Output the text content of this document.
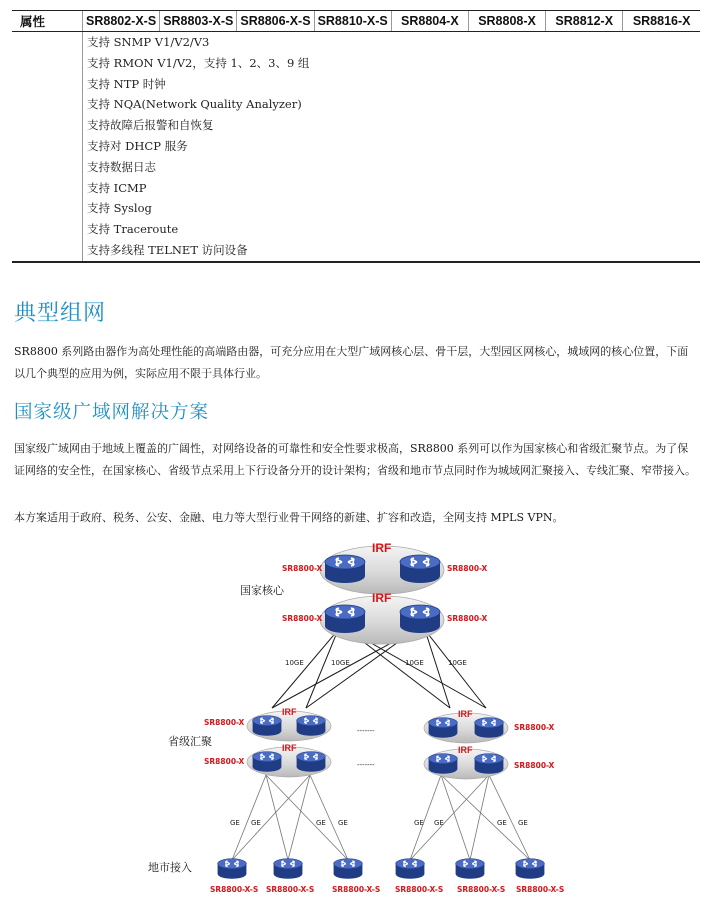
属性	SR8802-X-S	SR8803-X-S	SR8806-X-S	SR8810-X-S	SR8804-X	SR8808-X	SR8812-X	SR8816-X
	支持 SNMP V1/V2/V3							
	支持 RMON V1/V2，支持 1、2、3、9 组							
	支持 NTP 时钟							
	支持 NQA(Network Quality Analyzer)							
	支持故障后报警和自恢复							
	支持对 DHCP 服务							
	支持数据日志							
	支持 ICMP							
	支持 Syslog							
	支持 Traceroute							
	支持多线程 TELNET 访问设备							
典型组网

SR8800 系列路由器作为高处理性能的高端路由器，可充分应用在大型广域网核心层、骨干层，大型园区网核心，城域网的核心位置，下面以几个典型的应用为例，实际应用不限于具体行业。

国家级广域网解决方案

国家级广域网由于地域上覆盖的广阔性，对网络设备的可靠性和安全性要求极高，SR8800 系列可以作为国家核心和省级汇聚节点。为了保证网络的安全性，在国家核心、省级节点采用上下行设备分开的设计架构；省级和地市节点同时作为城域网汇聚接入、专线汇聚、窄带接入。

本方案适用于政府、税务、公安、金融、电力等大型行业骨干网络的新建、扩容和改造，全网支持 MPLS VPN。

10GE	10GE	10GE	10GE
GE GE	GE GE	GE GE	GE GE
IRF
IRF
SR8800-X	SR8800-X
SR8800-X	SR8800-X
国家核心
IRF
IRF
SR8800-X
SR8800-X
省级汇聚
-------
-------
IRF
IRF
SR8800-X
SR8800-X
地市接入
SR8800-X-S SR8800-X-S SR8800-X-S SR8800-X-S SR8800-X-S SR8800-X-S
